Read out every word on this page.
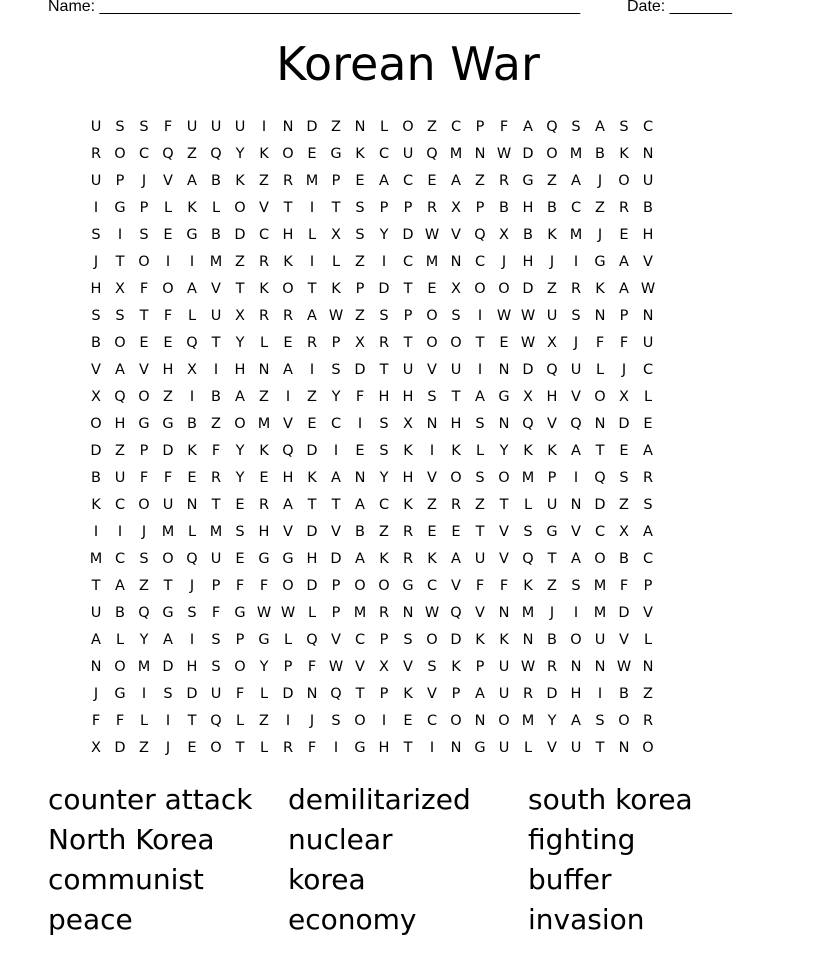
Name: ______________________________________________________	Date: _______
Korean War
U S	S	F	U U U	I	N D Z N	L O Z C	P	F	A Q S A S C
R O C Q Z Q Y	K O E G K C U Q M N W D O M B K N
U P	J	V A B K Z R M P	E A C E A Z R G Z A	J	O U
I	G P	L	K	L O V	T	I	T	S	P	P	R X	P	B H B C Z R B
S	I	S	E G B D C H	L	X S	Y D W V Q X B K M	J	E H
J	T O	I	I	M Z R K	I	L	Z	I	C M N C	J	H	J	I	G A V
H X	F O A V	T	K O T	K	P D T	E X O O D Z R K A W
S	S	T	F	L	U X R R A W Z S	P O S	I	W W U S N P N
B O E	E Q T	Y	L	E R	P	X R	T O O T	E W X	J	F	F	U
V A V H X	I	H N A	I	S D T U V U	I	N D Q U	L	J	C
X Q O Z	I	B A Z	I	Z	Y	F H H S	T	A G X H V O X	L
O H G G B Z O M V E C	I	S X N H S N Q V Q N D E
D Z	P D K	F	Y	K Q D	I	E	S	K	I	K	L	Y	K K A	T	E A
B U	F	F	E R	Y	E H K A N Y H V O S O M P	I	Q S R
K C O U N T	E R A	T	T	A C K Z R Z	T	L	U N D Z S
I	I	J	M L M S H V D V B Z R E	E	T	V S G V C X A
M C S O Q U E G G H D A K R K A U V Q T	A O B C
T	A Z	T	J	P	F	F O D P O O G C V	F	F	K Z S M F	P
U B Q G S	F G W W L	P M R N W Q V N M	J	I	M D V
A	L	Y	A	I	S	P G L Q V C	P	S O D K K N B O U V	L
N O M D H S O Y	P	F W V X V S	K	P U W R N N W N
J	G	I	S D U	F	L D N Q T	P	K V	P	A U R D H	I	B Z
F	F	L	I	T Q L	Z	I	J	S O	I	E C O N O M Y	A S O R
X D Z	J	E O T	L	R	F	I	G H T	I	N G U	L	V U T N O
counter attack	demilitarized	south korea
North Korea	nuclear	fighting
communist	korea	buffer
peace	economy	invasion
